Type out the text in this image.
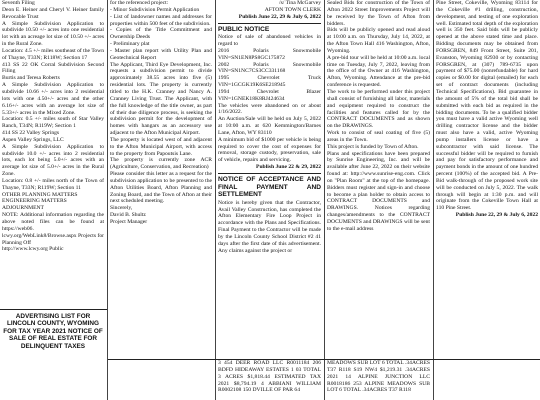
Seventh Filing

Deon E. Heiner and Cheryl V. Heiner family Revocable Trust

A Simple Subdivision Application to subdivide 10.50 +/- acres into one residential lot with an acreage lot size of 10.50 +/- acres in the Rural Zone.

Location: 4.5 +/- miles southeast of the Town of Thayne, T33N; R118W; Section 17

413 SS 22 OK Corral Subdivision Second Filing

Burtis and Teresa Roberts

A Simple Subdivision Application to subdivide 10.66 +/- acres into 2 residential lots with one 4.50+/- acres and the other 6.16+/- acres with an average lot size of 5.33+/- acres in the Mixed Zone.

Location: 0.5 +/- miles south of Star Valley Ranch, T34N; R119W; Section 1

414 SS 22 Valley Springs

Aspen Valley Springs, LLC

A Simple Subdivision Application to subdivide 10.0 +/- acres into 2 residential lots, each lot being 5.0+/- acres with an average lot size of 5.0+/- acres in the Rural Zone.

Location: 0.8 +/- miles north of the Town of Thayne, T33N; R119W; Section 11

OTHER PLANNING MATTERS

ENGINEERING MATTERS

ADJOURNMENT

NOTE: Additional information regarding the above noted files can be found at https://web06. lcwy.org/WebLink8/Browse.aspx Projects for Planning Off

http://www.lcwy.org Public

for the referenced project:

- Minor Subdivision Permit Application

- List of landowner names and addresses for properties within 500 feet of the subdivision.

- Copies of the Title Commitment and Ownership Deeds

- Preliminary plat

- Master plan report with Utility Plan and Geotechnical Report

The Applicant, Third Eye Development, Inc. requests a subdivision permit to divide approximately 38.55 acres into five (5) residential lots. The property is currently titled to the H.K. Cranney and Nancy A. Cranney Living Trust. The Applicant, with the full knowledge of the title owner, as part of their due diligence process, is seeking the subdivision permit for the development of homes with hangars as an accessory use adjacent to the Afton Municipal Airport.

The property is located west of and adjacent to the Afton Municipal Airport, with access to the property from Papoutsis Lane.

The property is currently zone ACR (Agriculture, Conservation, and Recreation)

Please consider this letter as a request for the subdivision application to be presented to the Afton Utilities Board, Afton Planning and Zoning Board, and the Town of Afton at their next scheduled meeting.

Sincerely,

David B. Shultz

Project Manager

/s/ Tina McGarvey

AFTON TOWN CLERK

Publish June 22, 29 & July 6, 2022

PUBLIC NOTICE

Notice of sale of abandoned vehicles in regard to

2016 Polaris Snowmobile VIN=SN1EN8PS8GC175872

2002 Polaris Snowmobile VIN=SN1NC7CS3CC331168

1995 Chevrolet Truck VIN=1GCGK19K6SE218945

1994 Chevrolet Blazer VIN=1GNEK18K8RJ424634

The vehicles were abandoned on or about 1/16/2022.

An Auction/Sale will be held on July 5, 2022 at 10:00 a.m. at 620 Kemmington/Barnes Lane, Afton, WY 83110

A minimum bid of $1000 per vehicle is being required to cover the cost of expenses for removal, storage custody, preservation, sale of vehicle, repairs and servicing.

Publish June 22 & 29, 2022

NOTICE OF ACCEPTANCE AND FINAL PAYMENT AND SETTLEMENT

Notice is hereby given that the Contractor, Avail Valley Construction, has completed the Afton Elementary Fire Loop Project in accordance with the Plans and Specifications. Final Payment to the Contractor will be made by the Lincoln County School District #2 41 days after the first date of this advertisement. Any claims against the project or

Sealed Bids for construction of the Town of Afton 2022 Street Improvements Project will be received by the Town of Afton from bidders.

Bids will be publicly opened and read aloud at 10:00 a.m. on Thursday, July 14, 2022, at the Afton Town Hall 416 Washington, Afton, Wyoming.

A pre-bid tour will be held at 10:00 a.m. local time on Tuesday, July 7, 2022, leaving from the office of the Owner at 416 Washington, Afton, Wyoming. Attendance at the pre-bid conference is requested.

The work to be performed under this project shall consist of furnishing all labor, materials and equipment required to construct the facilities and features called for by the CONTRACT DOCUMENTS and as shown on the DRAWINGS.

Work to consist of seal coating of five (5) areas in the Town.

This project is funded by Town of Afton.

Plans and specifications have been prepared by Sunrise Engineering, Inc. and will be available after June 22, 2022 on their website found at: http://www.sunrise-eng.com. Click on "Plan Room" at the top of the homepage. Bidders must register and sign-in and choose to become a plan holder to obtain access to CONTRACT DOCUMENTS and DRAWINGS. Notices regarding changes/amendments to the CONTRACT DOCUMENTS and DRAWINGS will be sent to the e-mail address

Pine Street, Cokeville, Wyoming 83114 for the Cokeville #1 drilling, construction, development, and testing of one exploration well. Estimated total depth of the exploration well is 350 feet. Said bids will be publicly opened at the above stated time and place. Bidding documents may be obtained from FORSGREN, 849 Front Street, Suite 201, Evanston, Wyoming 82930 or by contacting FORSGREN, at (307) 789-6735 upon payment of $75.00 (nonrefundable) for hard copies or $0.00 for digital (emailed) for each set of contract documents (including Technical Specifications). Bid guarantee in the amount of 5% of the total bid shall be submitted with each bid as required in the bidding documents. To be a qualified bidder you must have a valid active Wyoming well drilling contractor license and the bidder must also have a valid, active Wyoming pump installers license or have a subcontractor with said license. The successful bidder will be required to furnish and pay for satisfactory performance and payment bonds in the amount of one hundred percent (100%) of the accepted bid. A Pre-Bid walk-through of the proposed work site will be conducted on July 5, 2022. The walk through will begin at 1:30 p.m. and will originate from the Cokeville Town Hall at 110 Pine Street.

Publish June 22, 29 & July 6, 2022

ADVERTISING LIST FOR LINCOLN COUNTY, WYOMING FOR TAX YEAR 2021 NOTICE OF SALE OF REAL ESTATE FOR DELINQUENT TAXES

3 454 DEER ROAD LLC R0011184 206 BDFD HIDEAWAY ESTATES 1 03 TOTAL 3 ACRES $1,818.44 ESTIMATED TAX 2021 $8,794.19 4 ABBIANI WILLIAM R0002108 150 DVILLE OF PAR 64

MEADOWS SUB LOT 6 TOTAL .34ACRES T37 R118 S19 NW4 $1,219.31 .34ACRES 2021 14 ALPINE JUNCTION LLC R0018186 253 ALPINE MEADOWS SUB LOT 6 TOTAL .34ACRES T37 R118
